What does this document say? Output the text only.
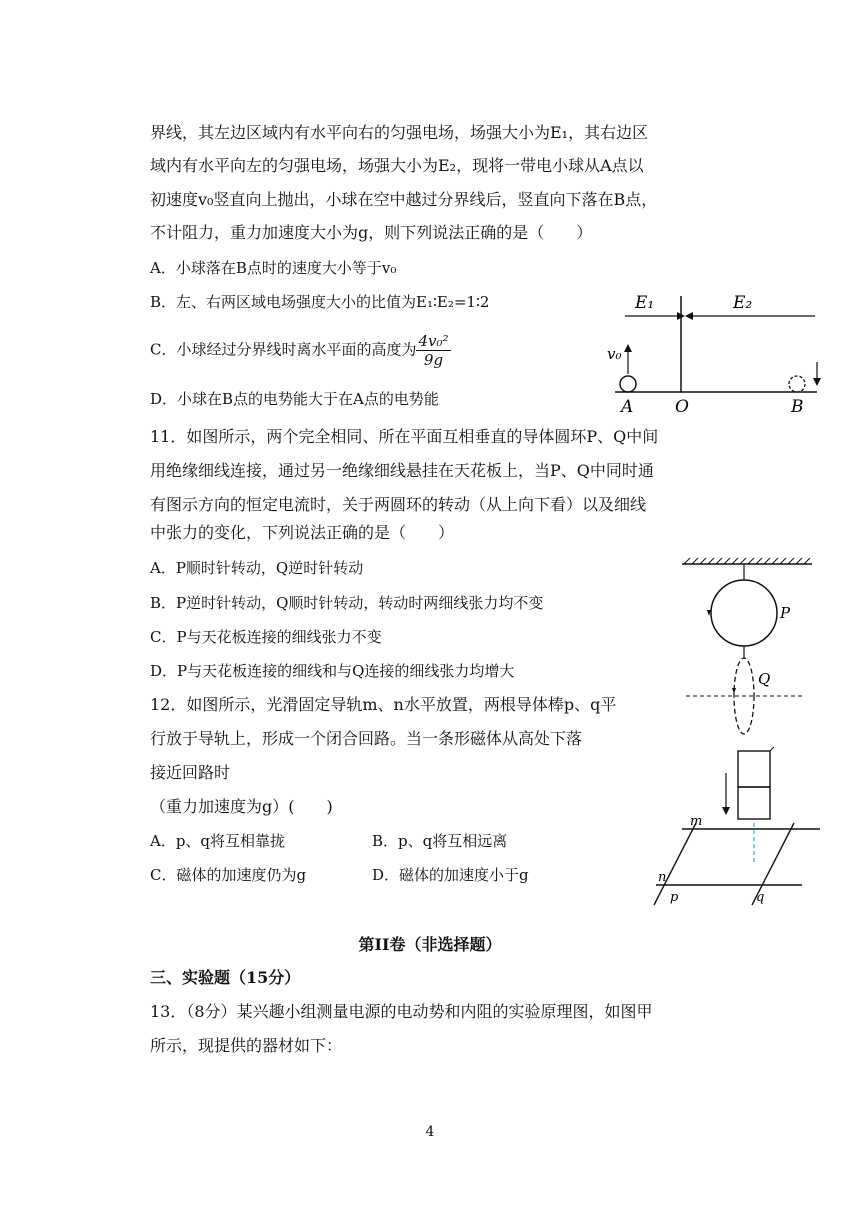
界线，其左边区域内有水平向右的匀强电场，场强大小为E₁，其右边区
域内有水平向左的匀强电场，场强大小为E₂，现将一带电小球从A点以
初速度v₀竖直向上抛出，小球在空中越过分界线后，竖直向下落在B点，
不计阻力，重力加速度大小为g，则下列说法正确的是（　　）
A．小球落在B点时的速度大小等于v₀
B．左、右两区域电场强度大小的比值为E₁∶E₂=1∶2
C．小球经过分界线时离水平面的高度为 $\frac{\text{4v₀²}}{9g}$
D．小球在B点的电势能大于在A点的电势能
E₁	E₂
v₀
A O	B
11．如图所示，两个完全相同、所在平面互相垂直的导体圆环P、Q中间
用绝缘细线连接，通过另一绝缘细线悬挂在天花板上，当P、Q中同时通
有图示方向的恒定电流时，关于两圆环的转动（从上向下看）以及细线
中张力的变化，下列说法正确的是（　　）
A．P顺时针转动，Q逆时针转动
B．P逆时针转动，Q顺时针转动，转动时两细线张力均不变
C．P与天花板连接的细线张力不变
D．P与天花板连接的细线和与Q连接的细线张力均增大
P
Q
12．如图所示，光滑固定导轨m、n水平放置，两根导体棒p、q平
行放于导轨上，形成一个闭合回路。当一条形磁体从高处下落
接近回路时
（重力加速度为g）(　　)
A．p、q将互相靠拢	B．p、q将互相远离
C．磁体的加速度仍为g	D．磁体的加速度小于g
m
n
p	q
第II卷（非选择题）
三、实验题（15分）
13．（8分）某兴趣小组测量电源的电动势和内阻的实验原理图，如图甲
所示，现提供的器材如下：
4
